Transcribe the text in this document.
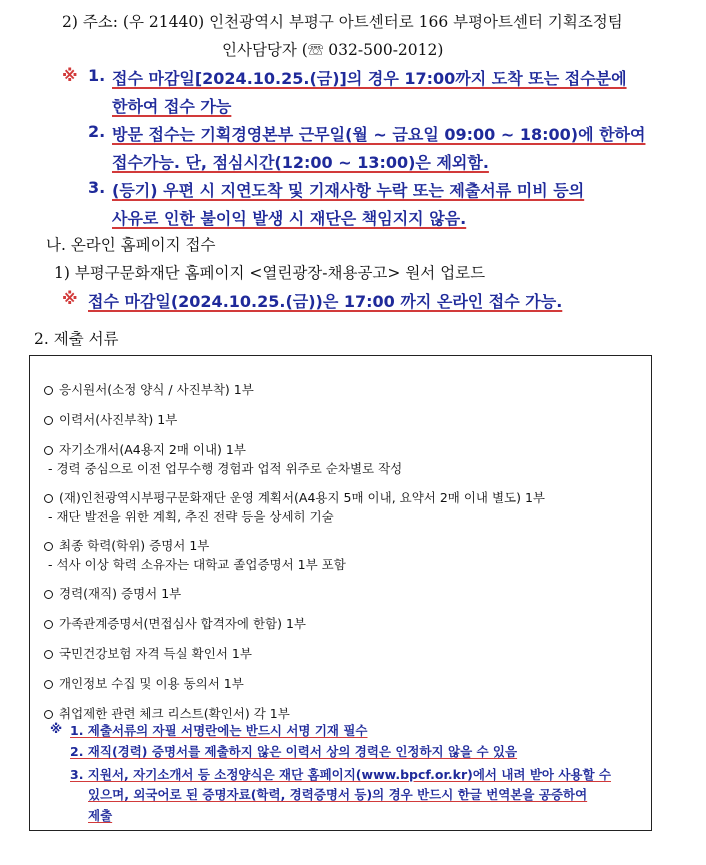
2) 주소: (우 21440) 인천광역시 부평구 아트센터로 166 부평아트센터 기획조정팀
인사담당자 (☏ 032-500-2012)
※ 1. 접수 마감일[2024.10.25.(금)]의 경우 17:00까지 도착 또는 접수분에
한하여 접수 가능
2. 방문 접수는 기획경영본부 근무일(월 ~ 금요일 09:00 ~ 18:00)에 한하여
접수가능. 단, 점심시간(12:00 ~ 13:00)은 제외함.
3. (등기) 우편 시 지연도착 및 기재사항 누락 또는 제출서류 미비 등의
사유로 인한 불이익 발생 시 재단은 책임지지 않음.
나. 온라인 홈페이지 접수
1) 부평구문화재단 홈페이지 <열린광장-채용공고> 원서 업로드
※ 접수 마감일(2024.10.25.(금))은 17:00 까지 온라인 접수 가능.
2. 제출 서류
응시원서(소정 양식 / 사진부착) 1부
이력서(사진부착) 1부
자기소개서(A4용지 2매 이내) 1부
- 경력 중심으로 이전 업무수행 경험과 업적 위주로 순차별로 작성
(재)인천광역시부평구문화재단 운영 계획서(A4용지 5매 이내, 요약서 2매 이내 별도) 1부
- 재단 발전을 위한 계획, 추진 전략 등을 상세히 기술
최종 학력(학위) 증명서 1부
- 석사 이상 학력 소유자는 대학교 졸업증명서 1부 포함
경력(재직) 증명서 1부
가족관계증명서(면접심사 합격자에 한함) 1부
국민건강보험 자격 득실 확인서 1부
개인정보 수집 및 이용 동의서 1부
취업제한 관련 체크 리스트(확인서) 각 1부
※ 1. 제출서류의 자필 서명란에는 반드시 서명 기재 필수
2. 재직(경력) 증명서를 제출하지 않은 이력서 상의 경력은 인정하지 않을 수 있음
3. 지원서, 자기소개서 등 소정양식은 재단 홈페이지(www.bpcf.or.kr)에서 내려 받아 사용할 수
있으며, 외국어로 된 증명자료(학력, 경력증명서 등)의 경우 반드시 한글 번역본을 공증하여
제출
